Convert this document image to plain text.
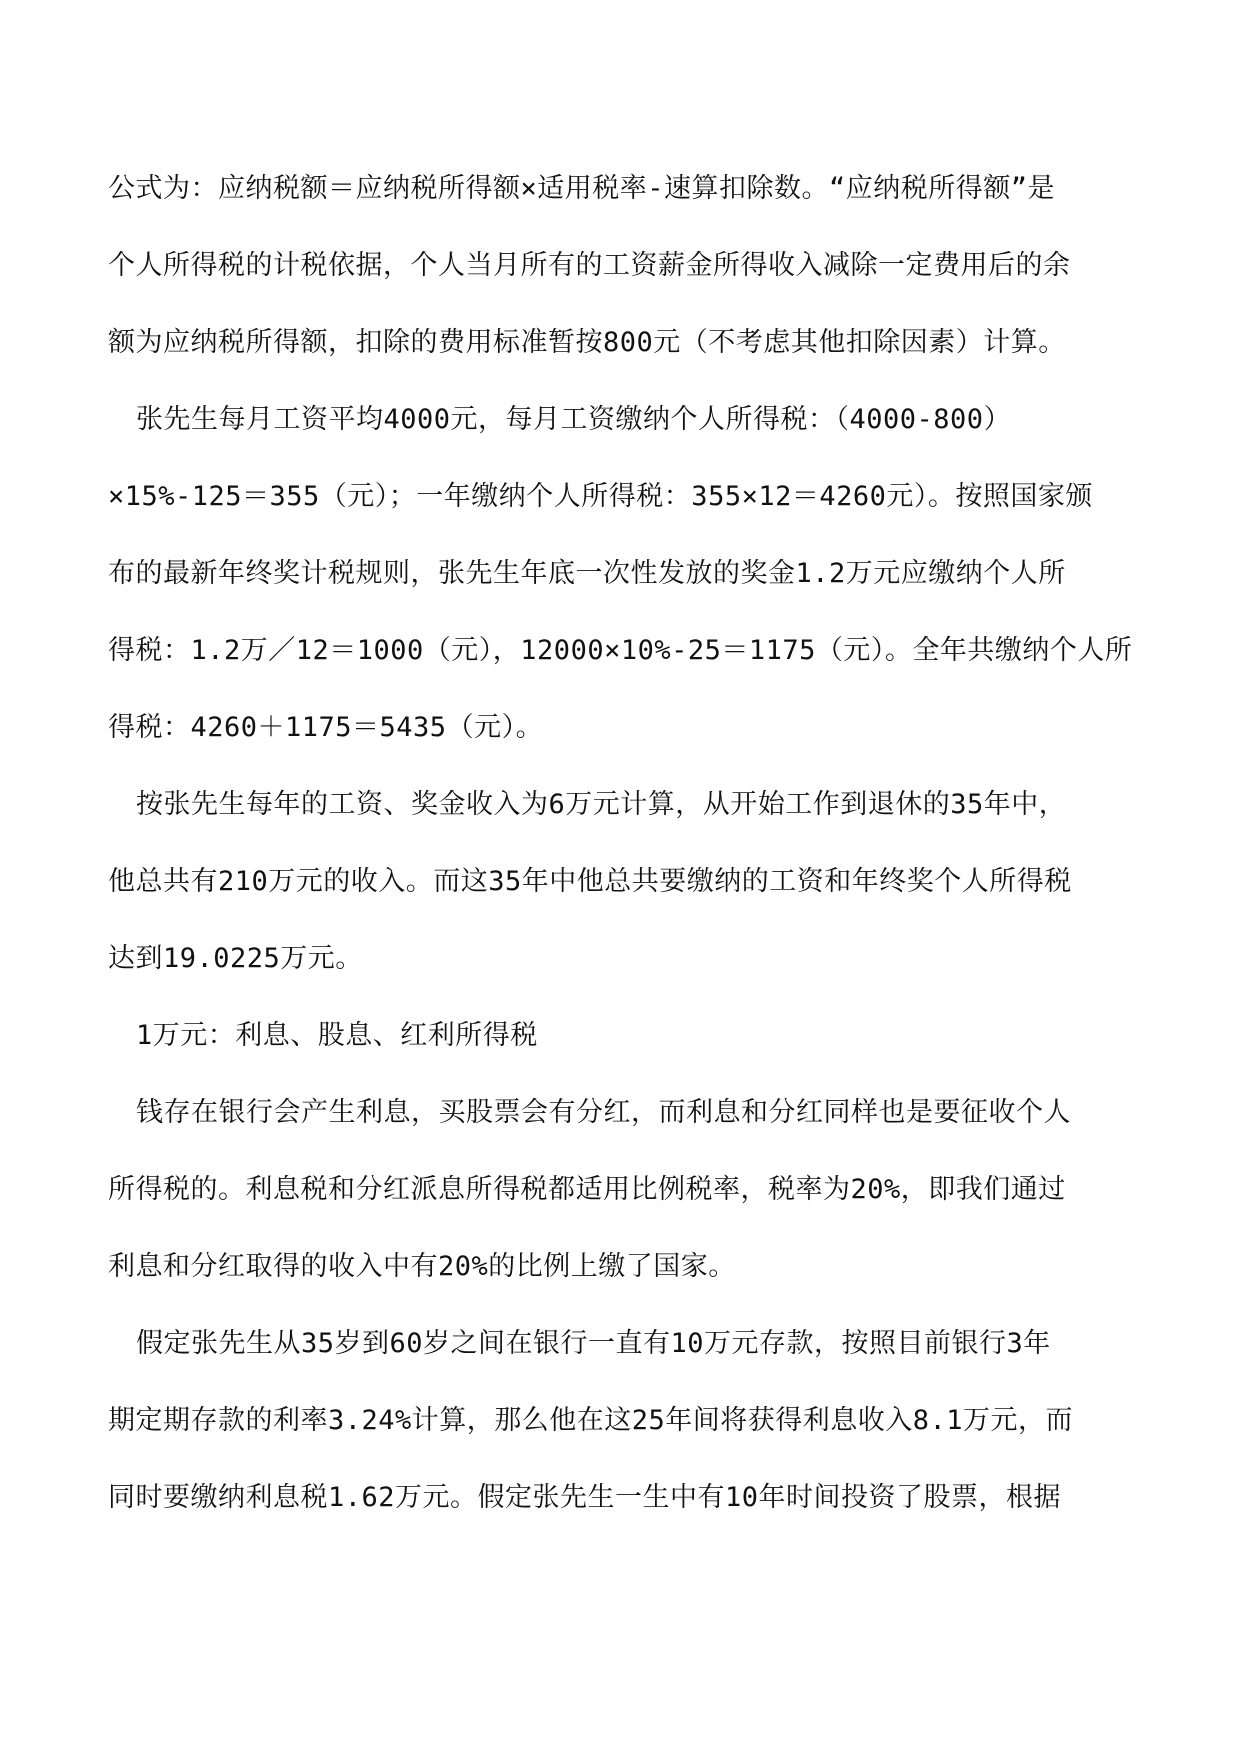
公式为：应纳税额＝应纳税所得额×适用税率-速算扣除数。“应纳税所得额”是
个人所得税的计税依据，个人当月所有的工资薪金所得收入减除一定费用后的余
额为应纳税所得额，扣除的费用标准暂按800元（不考虑其他扣除因素）计算。
张先生每月工资平均4000元，每月工资缴纳个人所得税：（4000-800）
×15%-125＝355（元）；一年缴纳个人所得税：355×12＝4260元）。按照国家颁
布的最新年终奖计税规则，张先生年底一次性发放的奖金1.2万元应缴纳个人所
得税：1.2万／12＝1000（元），12000×10%-25＝1175（元）。全年共缴纳个人所
得税：4260＋1175＝5435（元）。
按张先生每年的工资、奖金收入为6万元计算，从开始工作到退休的35年中，
他总共有210万元的收入。而这35年中他总共要缴纳的工资和年终奖个人所得税
达到19.0225万元。
1万元：利息、股息、红利所得税
钱存在银行会产生利息，买股票会有分红，而利息和分红同样也是要征收个人
所得税的。利息税和分红派息所得税都适用比例税率，税率为20%，即我们通过
利息和分红取得的收入中有20%的比例上缴了国家。
假定张先生从35岁到60岁之间在银行一直有10万元存款，按照目前银行3年
期定期存款的利率3.24%计算，那么他在这25年间将获得利息收入8.1万元，而
同时要缴纳利息税1.62万元。假定张先生一生中有10年时间投资了股票，根据
